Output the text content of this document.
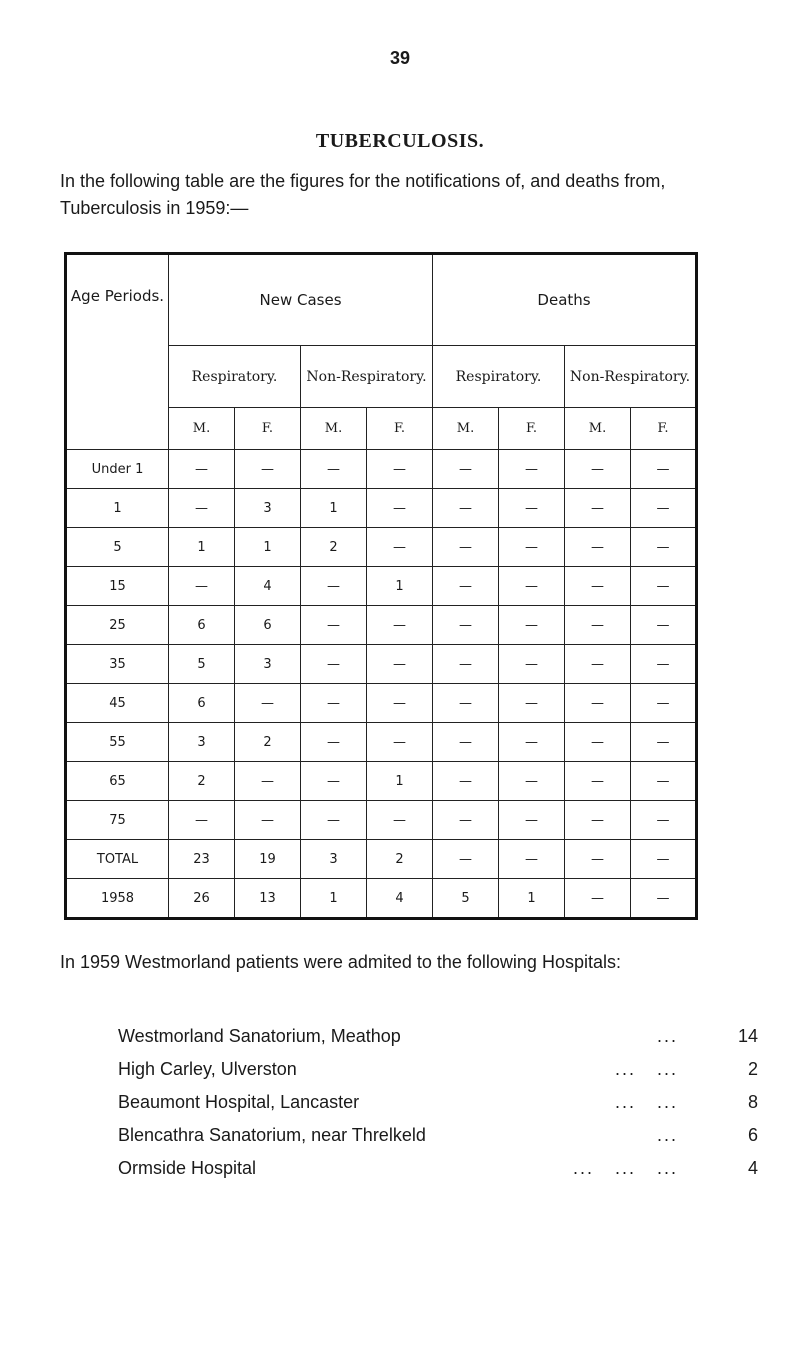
39
TUBERCULOSIS.
In the following table are the figures for the notifications of, and deaths from, Tuberculosis in 1959:—
Age Periods.	New Cases				Deaths			
	Respiratory.		Non-Respiratory.		Respiratory.		Non-Respiratory.	
	M.	F.	M.	F.	M.	F.	M.	F.
Under 1	—	—	—	—	—	—	—	—
1	—	3	1	—	—	—	—	—
5	1	1	2	—	—	—	—	—
15	—	4	—	1	—	—	—	—
25	6	6	—	—	—	—	—	—
35	5	3	—	—	—	—	—	—
45	6	—	—	—	—	—	—	—
55	3	2	—	—	—	—	—	—
65	2	—	—	1	—	—	—	—
75	—	—	—	—	—	—	—	—
TOTAL	23	19	3	2	—	—	—	—
1958	26	13	1	4	5	1	—	—
In 1959 Westmorland patients were admited to the following Hospitals:
Westmorland Sanatorium, Meathop	...	14
High Carley, Ulverston	...   ...	2
Beaumont Hospital, Lancaster	...   ...	8
Blencathra Sanatorium, near Threlkeld	...	6
Ormside Hospital	...   ...   ...	4
